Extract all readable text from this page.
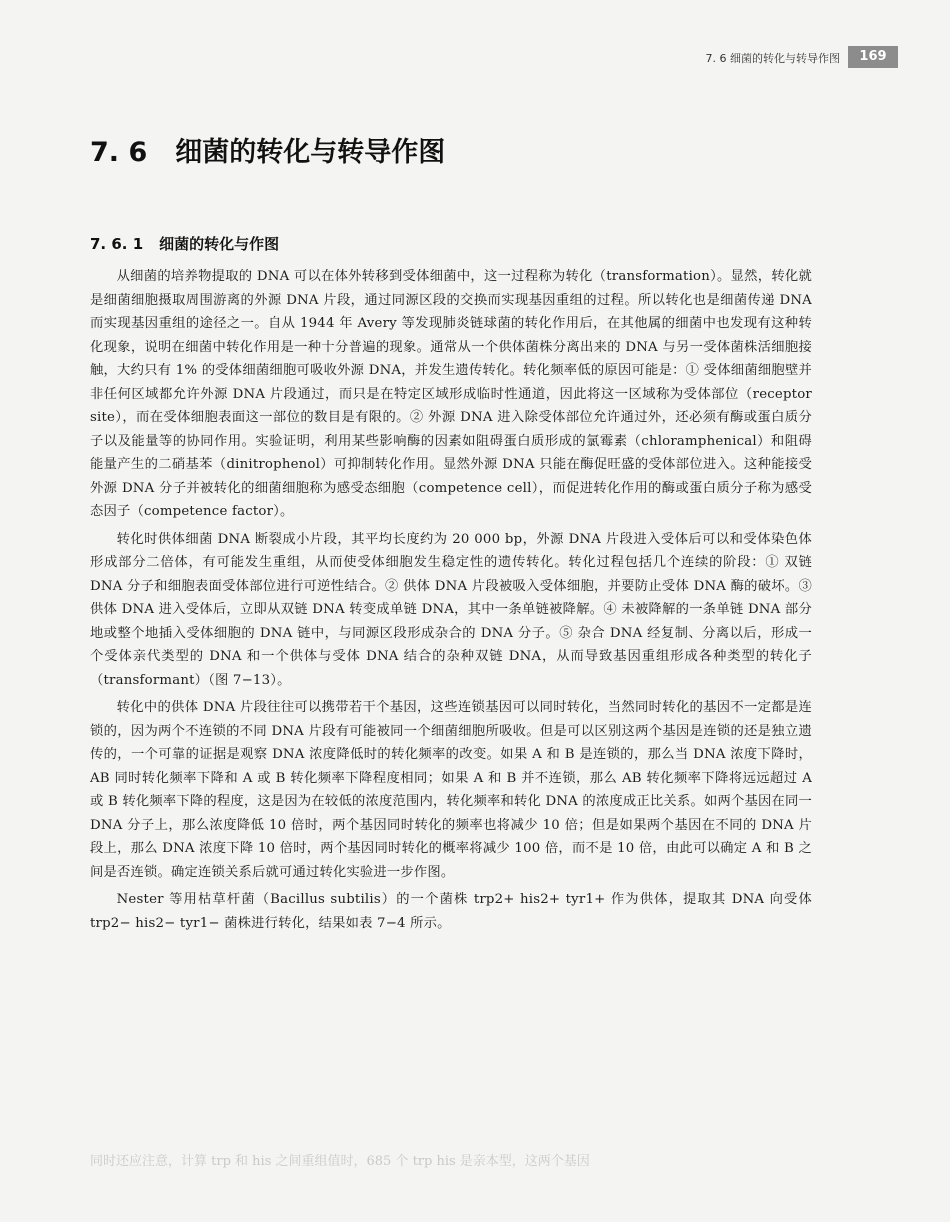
7. 6 细菌的转化与转导作图	169
7. 6 细菌的转化与转导作图
7. 6. 1 细菌的转化与作图

从细菌的培养物提取的 DNA 可以在体外转移到受体细菌中，这一过程称为转化（transformation）。显然，转化就是细菌细胞摄取周围游离的外源 DNA 片段，通过同源区段的交换而实现基因重组的过程。所以转化也是细菌传递 DNA 而实现基因重组的途径之一。自从 1944 年 Avery 等发现肺炎链球菌的转化作用后，在其他属的细菌中也发现有这种转化现象，说明在细菌中转化作用是一种十分普遍的现象。通常从一个供体菌株分离出来的 DNA 与另一受体菌株活细胞接触，大约只有 1% 的受体细菌细胞可吸收外源 DNA，并发生遗传转化。转化频率低的原因可能是：① 受体细菌细胞壁并非任何区域都允许外源 DNA 片段通过，而只是在特定区域形成临时性通道，因此将这一区域称为受体部位（receptor site），而在受体细胞表面这一部位的数目是有限的。② 外源 DNA 进入除受体部位允许通过外，还必须有酶或蛋白质分子以及能量等的协同作用。实验证明，利用某些影响酶的因素如阻碍蛋白质形成的氯霉素（chloramphenical）和阻碍能量产生的二硝基苯（dinitrophenol）可抑制转化作用。显然外源 DNA 只能在酶促旺盛的受体部位进入。这种能接受外源 DNA 分子并被转化的细菌细胞称为感受态细胞（competence cell），而促进转化作用的酶或蛋白质分子称为感受态因子（competence factor）。

转化时供体细菌 DNA 断裂成小片段，其平均长度约为 20 000 bp，外源 DNA 片段进入受体后可以和受体染色体形成部分二倍体，有可能发生重组，从而使受体细胞发生稳定性的遗传转化。转化过程包括几个连续的阶段：① 双链 DNA 分子和细胞表面受体部位进行可逆性结合。② 供体 DNA 片段被吸入受体细胞，并要防止受体 DNA 酶的破坏。③ 供体 DNA 进入受体后，立即从双链 DNA 转变成单链 DNA，其中一条单链被降解。④ 未被降解的一条单链 DNA 部分地或整个地插入受体细胞的 DNA 链中，与同源区段形成杂合的 DNA 分子。⑤ 杂合 DNA 经复制、分离以后，形成一个受体亲代类型的 DNA 和一个供体与受体 DNA 结合的杂种双链 DNA，从而导致基因重组形成各种类型的转化子（transformant）（图 7−13）。

转化中的供体 DNA 片段往往可以携带若干个基因，这些连锁基因可以同时转化，当然同时转化的基因不一定都是连锁的，因为两个不连锁的不同 DNA 片段有可能被同一个细菌细胞所吸收。但是可以区别这两个基因是连锁的还是独立遗传的，一个可靠的证据是观察 DNA 浓度降低时的转化频率的改变。如果 A 和 B 是连锁的，那么当 DNA 浓度下降时，AB 同时转化频率下降和 A 或 B 转化频率下降程度相同；如果 A 和 B 并不连锁，那么 AB 转化频率下降将远远超过 A 或 B 转化频率下降的程度，这是因为在较低的浓度范围内，转化频率和转化 DNA 的浓度成正比关系。如两个基因在同一 DNA 分子上，那么浓度降低 10 倍时，两个基因同时转化的频率也将减少 10 倍；但是如果两个基因在不同的 DNA 片段上，那么 DNA 浓度下降 10 倍时，两个基因同时转化的概率将减少 100 倍，而不是 10 倍，由此可以确定 A 和 B 之间是否连锁。确定连锁关系后就可通过转化实验进一步作图。

Nester 等用枯草杆菌（Bacillus subtilis）的一个菌株 trp2+ his2+ tyr1+ 作为供体，提取其 DNA 向受体 trp2− his2− tyr1− 菌株进行转化，结果如表 7−4 所示。

同时还应注意，计算 trp 和 his 之间重组值时，685 个 trp his 是亲本型，这两个基因
